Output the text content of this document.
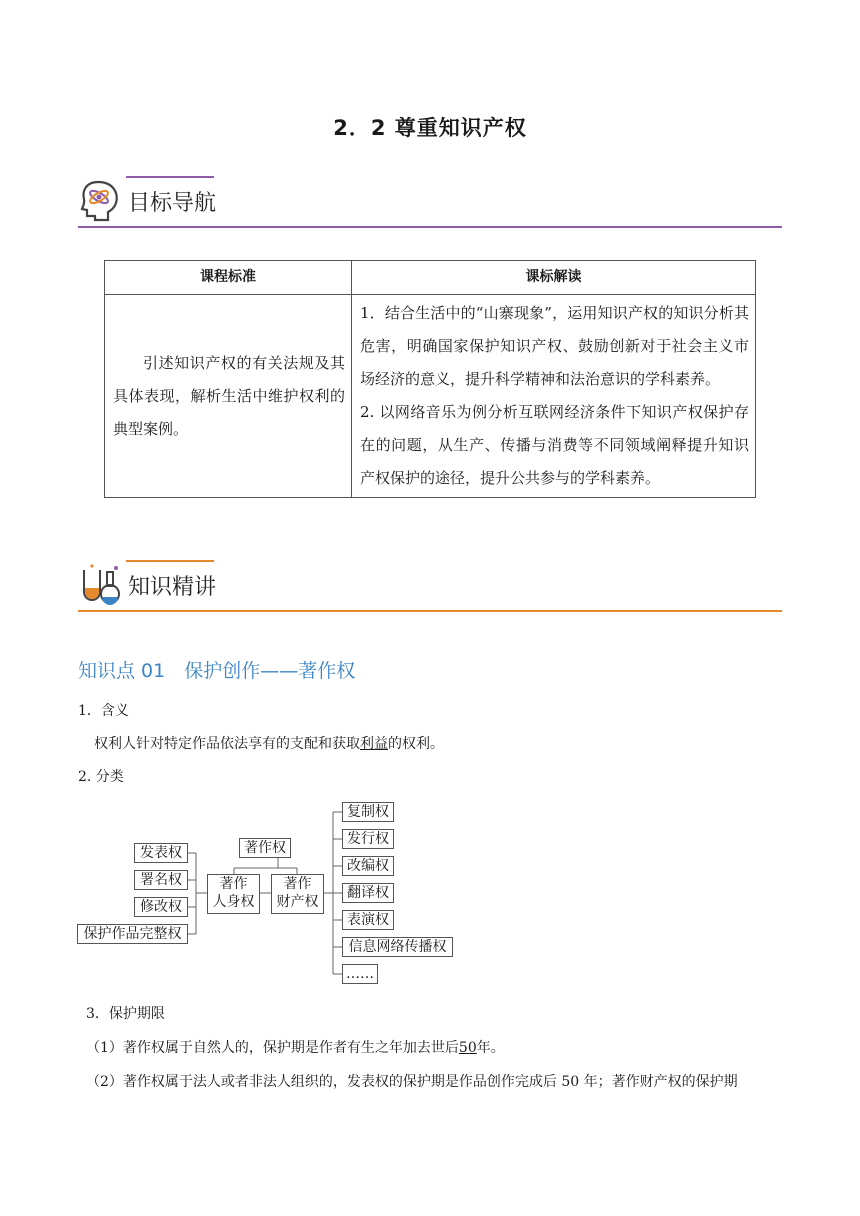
2．2 尊重知识产权
目标导航
课程标准	课标解读

引述知识产权的有关法规及其具体表现，解析生活中维护权利的典型案例。	1．结合生活中的“山寨现象”，运用知识产权的知识分析其危害，明确国家保护知识产权、鼓励创新对于社会主义市场经济的意义，提升科学精神和法治意识的学科素养。

2. 以网络音乐为例分析互联网经济条件下知识产权保护存在的问题，从生产、传播与消费等不同领域阐释提升知识产权保护的途径，提升公共参与的学科素养。

知识精讲
知识点 01　保护创作——著作权
1．含义
权利人针对特定作品依法享有的支配和获取利益的权利。
2. 分类
著作权
著作
人身权
著作
财产权
发表权
署名权
修改权
保护作品完整权
复制权
发行权
改编权
翻译权
表演权
信息网络传播权
……
3．保护期限
（1）著作权属于自然人的，保护期是作者有生之年加去世后50年。
（2）著作权属于法人或者非法人组织的，发表权的保护期是作品创作完成后 50 年；著作财产权的保护期
